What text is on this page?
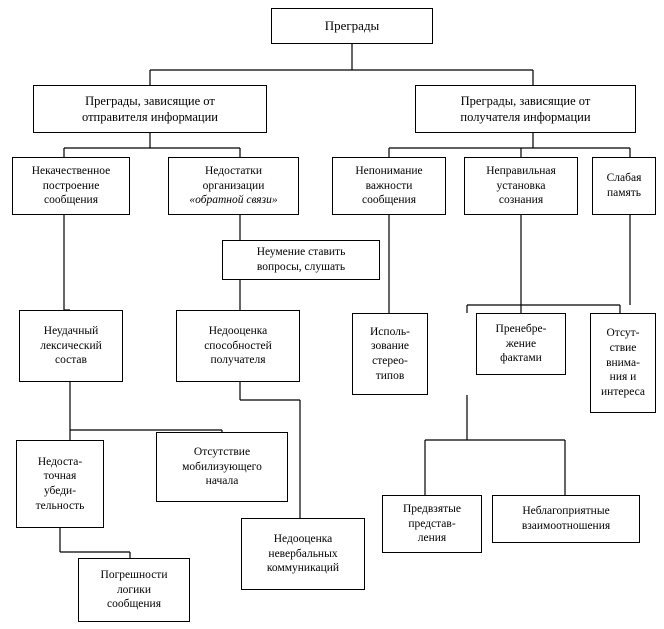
Преграды
Преграды, зависящие от
отправителя информации
Преграды, зависящие от
получателя информации
Некачественное
построение
сообщения
Недостатки
организации
«обратной связи»
Непонимание
важности
сообщения
Неправильная
установка
сознания
Слабая
память
Неумение ставить
вопросы, слушать
Неудачный
лексический
состав
Недооценка
способностей
получателя
Исполь-
зование
стерео-
типов
Пренебре-
жение
фактами
Отсут-
ствие
внима-
ния и
интереса
Недоста-
точная
убеди-
тельность
Отсутствие
мобилизующего
начала
Недооценка
невербальных
коммуникаций
Погрешности
логики
сообщения
Предвзятые
представ-
ления
Неблагоприятные
взаимоотношения
